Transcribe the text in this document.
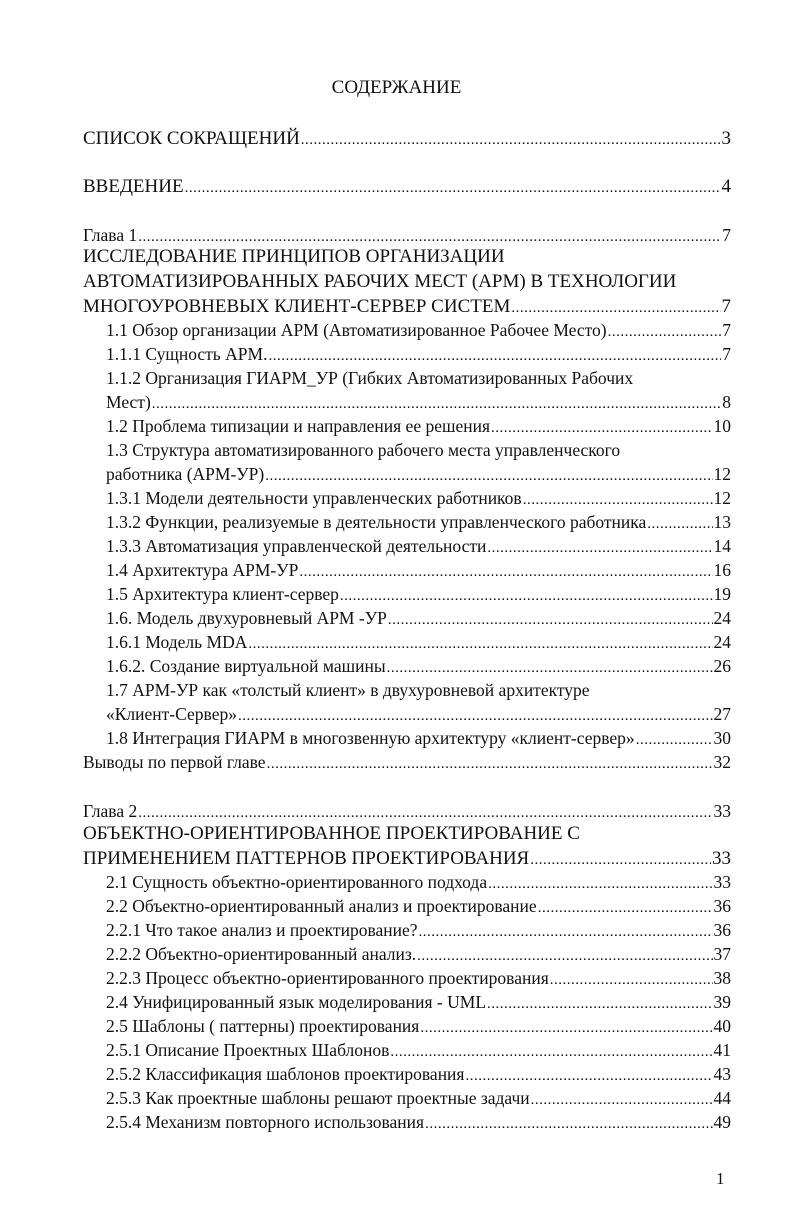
СОДЕРЖАНИЕ
СПИСОК СОКРАЩЕНИЙ .....	3
ВВЕДЕНИЕ .....	4
Глава 1 .....	7
ИССЛЕДОВАНИЕ ПРИНЦИПОВ ОРГАНИЗАЦИИ
АВТОМАТИЗИРОВАННЫХ РАБОЧИХ МЕСТ (АРМ) В ТЕХНОЛОГИИ
МНОГОУРОВНЕВЫХ КЛИЕНТ-СЕРВЕР СИСТЕМ .....	7
1.1 Обзор организации АРМ (Автоматизированное Рабочее Место) .....	7
1.1.1 Сущность АРМ. .....	7
1.1.2 Организация ГИАРМ_УР (Гибких Автоматизированных Рабочих
Мест) .....	8
1.2 Проблема типизации и направления ее решения .....	10
1.3 Структура автоматизированного рабочего места управленческого
работника (АРМ-УР) .....	12
1.3.1 Модели деятельности управленческих работников .....	12
1.3.2 Функции, реализуемые в деятельности управленческого работника .....	13
1.3.3 Автоматизация управленческой деятельности .....	14
1.4 Архитектура АРМ-УР .....	16
1.5 Архитектура клиент-сервер .....	19
1.6. Модель двухуровневый АРМ -УР .....	24
1.6.1 Модель MDA .....	24
1.6.2. Создание виртуальной машины .....	26
1.7 АРМ-УР как «толстый клиент» в двухуровневой архитектуре
«Клиент-Сервер» .....	27
1.8 Интеграция ГИАРМ в многозвенную архитектуру «клиент-сервер» .....	30
Выводы по первой главе .....	32
Глава 2 .....	33
ОБЪЕКТНО-ОРИЕНТИРОВАННОЕ ПРОЕКТИРОВАНИЕ С
ПРИМЕНЕНИЕМ ПАТТЕРНОВ ПРОЕКТИРОВАНИЯ .....	33
2.1 Сущность объектно-ориентированного подхода .....	33
2.2 Объектно-ориентированный анализ и проектирование .....	36
2.2.1 Что такое анализ и проектирование? .....	36
2.2.2 Объектно-ориентированный анализ. .....	37
2.2.3 Процесс объектно-ориентированного проектирования .....	38
2.4 Унифицированный язык моделирования - UML .....	39
2.5 Шаблоны ( паттерны) проектирования .....	40
2.5.1 Описание Проектных Шаблонов .....	41
2.5.2 Классификация шаблонов проектирования .....	43
2.5.3 Как проектные шаблоны решают проектные задачи .....	44
2.5.4 Механизм повторного использования .....	49
1
